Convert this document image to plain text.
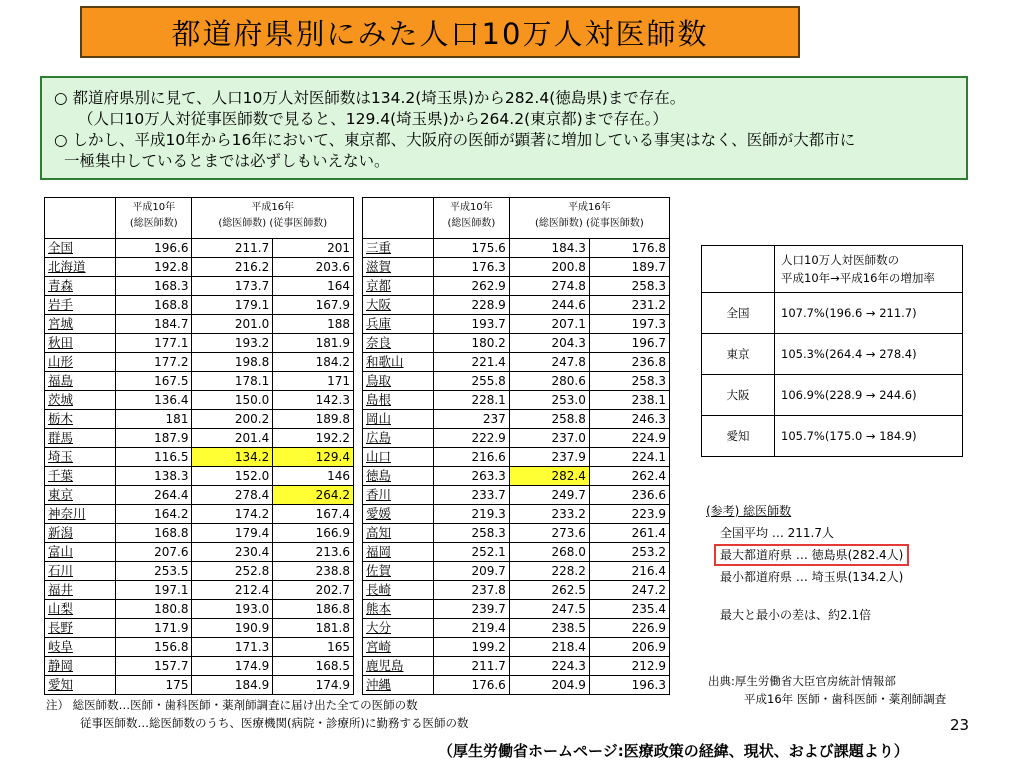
都道府県別にみた人口10万人対医師数
○ 都道府県別に見て、人口10万人対医師数は134.2(埼玉県)から282.4(徳島県)まで存在。
（人口10万人対従事医師数で見ると、129.4(埼玉県)から264.2(東京都)まで存在。）
○ しかし、平成10年から16年において、東京都、大阪府の医師が顕著に増加している事実はなく、医師が大都市に
一極集中しているとまでは必ずしもいえない。
	平成10年
(総医師数)	平成16年
(総医師数) (従事医師数)	
全国	196.6	211.7	201
北海道	192.8	216.2	203.6
青森	168.3	173.7	164
岩手	168.8	179.1	167.9
宮城	184.7	201.0	188
秋田	177.1	193.2	181.9
山形	177.2	198.8	184.2
福島	167.5	178.1	171
茨城	136.4	150.0	142.3
栃木	181	200.2	189.8
群馬	187.9	201.4	192.2
埼玉	116.5	134.2	129.4
千葉	138.3	152.0	146
東京	264.4	278.4	264.2
神奈川	164.2	174.2	167.4
新潟	168.8	179.4	166.9
富山	207.6	230.4	213.6
石川	253.5	252.8	238.8
福井	197.1	212.4	202.7
山梨	180.8	193.0	186.8
長野	171.9	190.9	181.8
岐阜	156.8	171.3	165
静岡	157.7	174.9	168.5
愛知	175	184.9	174.9
	平成10年
(総医師数)	平成16年
(総医師数) (従事医師数)	
三重	175.6	184.3	176.8
滋賀	176.3	200.8	189.7
京都	262.9	274.8	258.3
大阪	228.9	244.6	231.2
兵庫	193.7	207.1	197.3
奈良	180.2	204.3	196.7
和歌山	221.4	247.8	236.8
鳥取	255.8	280.6	258.3
島根	228.1	253.0	238.1
岡山	237	258.8	246.3
広島	222.9	237.0	224.9
山口	216.6	237.9	224.1
徳島	263.3	282.4	262.4
香川	233.7	249.7	236.6
愛媛	219.3	233.2	223.9
高知	258.3	273.6	261.4
福岡	252.1	268.0	253.2
佐賀	209.7	228.2	216.4
長崎	237.8	262.5	247.2
熊本	239.7	247.5	235.4
大分	219.4	238.5	226.9
宮崎	199.2	218.4	206.9
鹿児島	211.7	224.3	212.9
沖縄	176.6	204.9	196.3
	人口10万人対医師数の
平成10年→平成16年の増加率
全国	107.7%(196.6 → 211.7)
東京	105.3%(264.4 → 278.4)
大阪	106.9%(228.9 → 244.6)
愛知	105.7%(175.0 → 184.9)
(参考) 総医師数
全国平均 … 211.7人
最大都道府県 … 徳島県(282.4人)
最小都道府県 … 埼玉県(134.2人)
最大と最小の差は、約2.1倍
出典:厚生労働省大臣官房統計情報部
平成16年 医師・歯科医師・薬剤師調査
注） 総医師数…医師・歯科医師・薬剤師調査に届け出た全ての医師の数
従事医師数…総医師数のうち、医療機関(病院・診療所)に勤務する医師の数	23
（厚生労働省ホームページ:医療政策の経緯、現状、および課題より）
